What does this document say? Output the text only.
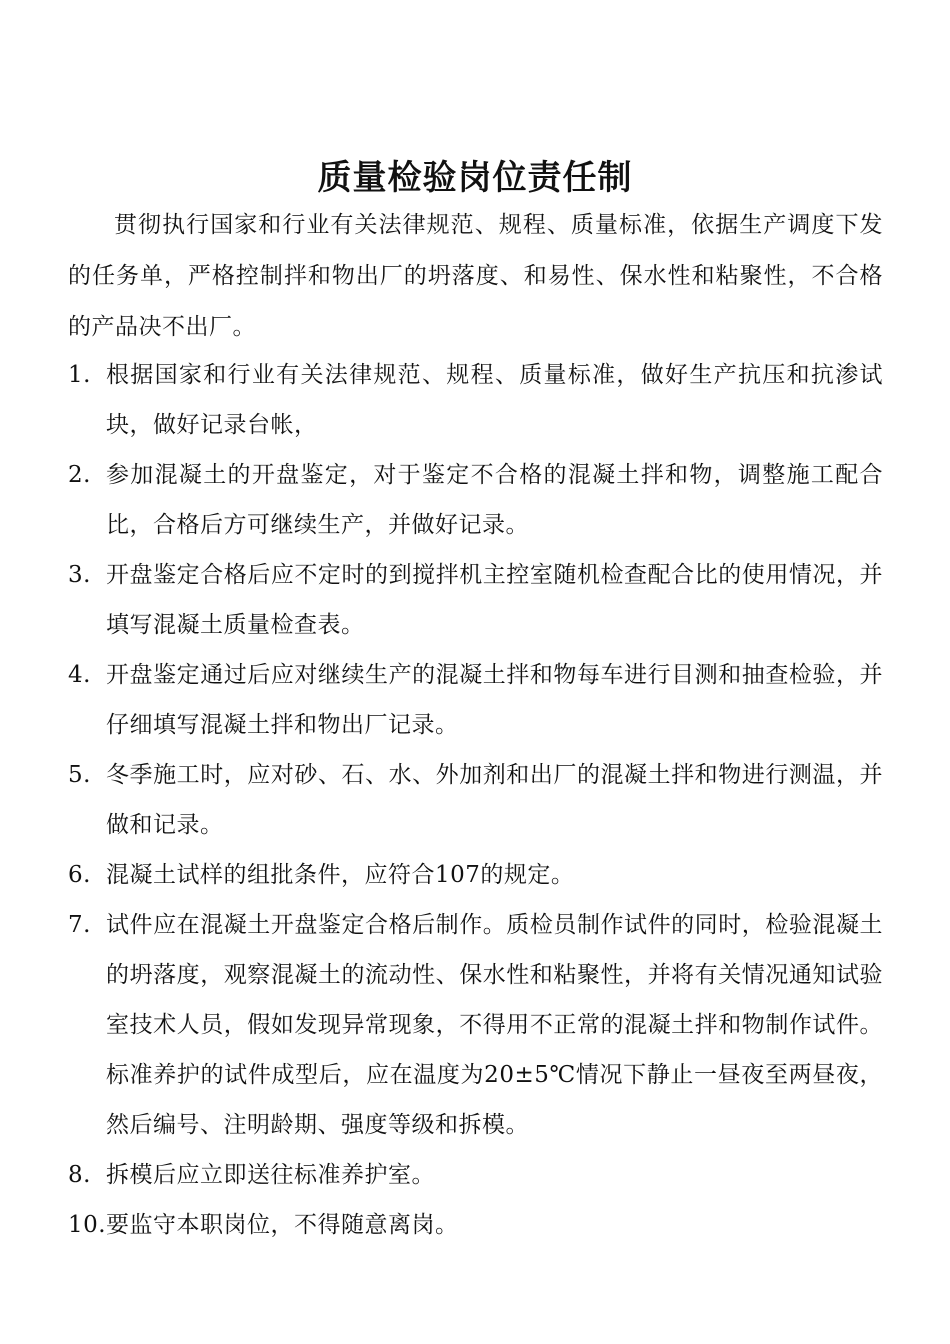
质量检验岗位责任制
贯彻执行国家和行业有关法律规范、规程、质量标准，依据生产调度下发的任务单，严格控制拌和物出厂的坍落度、和易性、保水性和粘聚性，不合格的产品决不出厂。
1. 根据国家和行业有关法律规范、规程、质量标准，做好生产抗压和抗渗试块，做好记录台帐，
2. 参加混凝土的开盘鉴定，对于鉴定不合格的混凝土拌和物，调整施工配合比，合格后方可继续生产，并做好记录。
3. 开盘鉴定合格后应不定时的到搅拌机主控室随机检查配合比的使用情况，并填写混凝土质量检查表。
4. 开盘鉴定通过后应对继续生产的混凝土拌和物每车进行目测和抽查检验，并仔细填写混凝土拌和物出厂记录。
5. 冬季施工时，应对砂、石、水、外加剂和出厂的混凝土拌和物进行测温，并做和记录。
6. 混凝土试样的组批条件，应符合107的规定。
7. 试件应在混凝土开盘鉴定合格后制作。质检员制作试件的同时，检验混凝土的坍落度，观察混凝土的流动性、保水性和粘聚性，并将有关情况通知试验室技术人员，假如发现异常现象，不得用不正常的混凝土拌和物制作试件。标准养护的试件成型后，应在温度为20±5℃情况下静止一昼夜至两昼夜，然后编号、注明龄期、强度等级和拆模。
8. 拆模后应立即送往标准养护室。
10. 要监守本职岗位，不得随意离岗。
